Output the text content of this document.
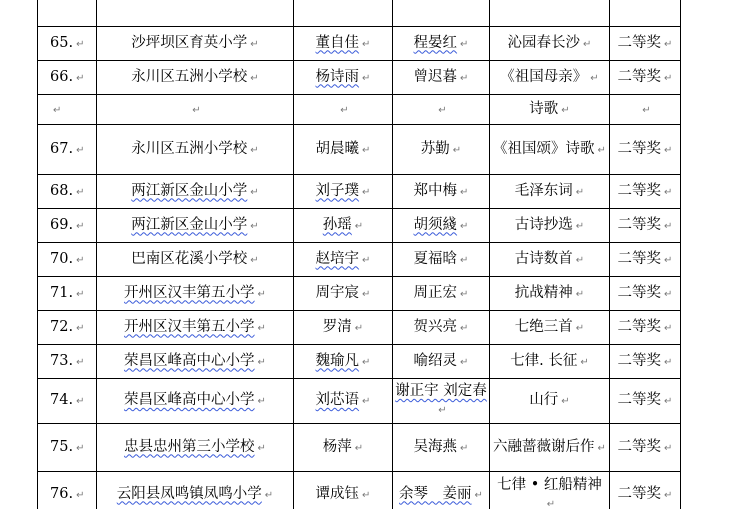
65. ↵	沙坪坝区育英小学 ↵	董自佳 ↵	程晏红 ↵	沁园春长沙 ↵	二等奖 ↵
66. ↵	永川区五洲小学校 ↵	杨诗雨 ↵	曾迟暮 ↵	《祖国母亲》 ↵	二等奖 ↵
↵	↵	↵	↵	诗歌 ↵	↵
67. ↵	永川区五洲小学校 ↵	胡晨曦 ↵	苏勤 ↵	《祖国颂》诗歌 ↵	二等奖 ↵
68. ↵	两江新区金山小学 ↵	刘子璞 ↵	郑中梅 ↵	毛泽东词 ↵	二等奖 ↵
69. ↵	两江新区金山小学 ↵	孙瑶 ↵	胡须綫 ↵	古诗抄选 ↵	二等奖 ↵
70. ↵	巴南区花溪小学校 ↵	赵培宇 ↵	夏福晗 ↵	古诗数首 ↵	二等奖 ↵
71. ↵	开州区汉丰第五小学 ↵	周宇宸 ↵	周正宏 ↵	抗战精神 ↵	二等奖 ↵
72. ↵	开州区汉丰第五小学 ↵	罗清 ↵	贺兴亮 ↵	七绝三首 ↵	二等奖 ↵
73. ↵	荣昌区峰高中心小学 ↵	魏瑜凡 ↵	喻绍灵 ↵	七律. 长征 ↵	二等奖 ↵
74. ↵	荣昌区峰高中心小学 ↵	刘芯语 ↵	谢正宇 刘定春↵	山行 ↵	二等奖 ↵
75. ↵	忠县忠州第三小学校 ↵	杨萍 ↵	吴海燕 ↵	六融蔷薇谢后作 ↵	二等奖 ↵
76. ↵	云阳县凤鸣镇凤鸣小学 ↵	谭成钰 ↵	余琴　姜丽 ↵	七律 • 红船精神↵	二等奖 ↵
